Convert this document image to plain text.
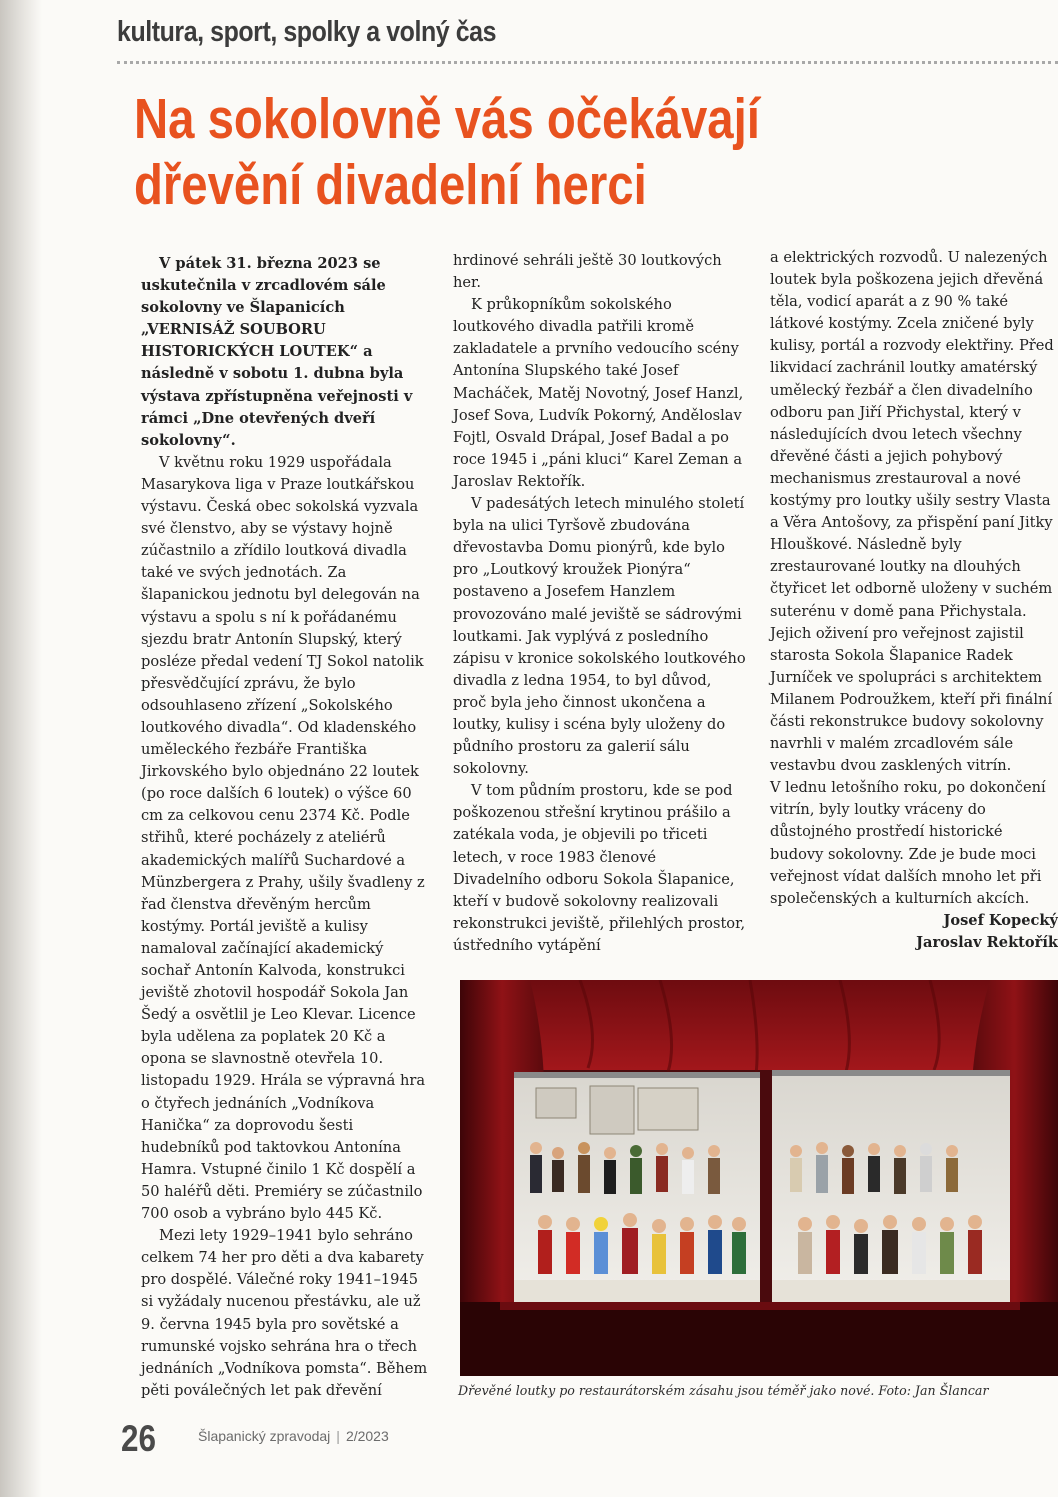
kultura, sport, spolky a volný čas
Na sokolovně vás očekávají
dřevění divadelní herci

V pátek 31. března 2023 se uskutečnila v zrcadlovém sále sokolovny ve Šlapanicích „VERNISÁŽ SOUBORU HISTORICKÝCH LOUTEK“ a následně v sobotu 1. dubna byla výstava zpřístupněna veřejnosti v rámci „Dne otevřených dveří sokolovny“.

V květnu roku 1929 uspořádala Masarykova liga v Praze loutkářskou výstavu. Česká obec sokolská vyzvala své členstvo, aby se výstavy hojně zúčastnilo a zřídilo loutková divadla také ve svých jednotách. Za šlapanickou jednotu byl delegován na výstavu a spolu s ní k pořádanému sjezdu bratr Antonín Slupský, který posléze předal vedení TJ Sokol natolik přesvědčující zprávu, že bylo odsouhlaseno zřízení „Sokolského loutkového divadla“. Od kladenského uměleckého řezbáře Františka Jirkovského bylo objednáno 22 loutek (po roce dalších 6 loutek) o výšce 60 cm za celkovou cenu 2374 Kč. Podle střihů, které pocházely z ateliérů akademických malířů Suchardové a Münzbergera z Prahy, ušily švadleny z řad členstva dřevěným hercům kostýmy. Portál jeviště a kulisy namaloval začínající akademický sochař Antonín Kalvoda, konstrukci jeviště zhotovil hospodář Sokola Jan Šedý a osvětlil je Leo Klevar. Licence byla udělena za poplatek 20 Kč a opona se slavnostně otevřela 10. listopadu 1929. Hrála se výpravná hra o čtyřech jednáních „Vodníkova Hanička“ za doprovodu šesti hudebníků pod taktovkou Antonína Hamra. Vstupné činilo 1 Kč dospělí a 50 haléřů děti. Premiéry se zúčastnilo 700 osob a vybráno bylo 445 Kč.

Mezi lety 1929–1941 bylo sehráno celkem 74 her pro děti a dva kabarety pro dospělé. Válečné roky 1941–1945 si vyžádaly nucenou přestávku, ale už 9. června 1945 byla pro sovětské a rumunské vojsko sehrána hra o třech jednáních „Vodníkova pomsta“. Během pěti poválečných let pak dřevění

hrdinové sehráli ještě 30 loutkových her.

K průkopníkům sokolského loutkového divadla patřili kromě zakladatele a prvního vedoucího scény Antonína Slupského také Josef Macháček, Matěj Novotný, Josef Hanzl, Josef Sova, Ludvík Pokorný, Anděloslav Fojtl, Osvald Drápal, Josef Badal a po roce 1945 i „páni kluci“ Karel Zeman a Jaroslav Rektořík.

V padesátých letech minulého století byla na ulici Tyršově zbudována dřevostavba Domu pionýrů, kde bylo pro „Loutkový kroužek Pionýra“ postaveno a Josefem Hanzlem provozováno malé jeviště se sádrovými loutkami. Jak vyplývá z posledního zápisu v kronice sokolského loutkového divadla z ledna 1954, to byl důvod, proč byla jeho činnost ukončena a loutky, kulisy i scéna byly uloženy do půdního prostoru za galerií sálu sokolovny.

V tom půdním prostoru, kde se pod poškozenou střešní krytinou prášilo a zatékala voda, je objevili po třiceti letech, v roce 1983 členové Divadelního odboru Sokola Šlapanice, kteří v budově sokolovny realizovali rekonstrukci jeviště, přilehlých prostor, ústředního vytápění

a elektrických rozvodů. U nalezených loutek byla poškozena jejich dřevěná těla, vodicí aparát a z 90 % také látkové kostýmy. Zcela zničené byly kulisy, portál a rozvody elektřiny. Před likvidací zachránil loutky amatérský umělecký řezbář a člen divadelního odboru pan Jiří Přichystal, který v následujících dvou letech všechny dřevěné části a jejich pohybový mechanismus zrestauroval a nové kostýmy pro loutky ušily sestry Vlasta a Věra Antošovy, za přispění paní Jitky Hlouškové. Následně byly zrestaurované loutky na dlouhých čtyřicet let odborně uloženy v suchém suterénu v domě pana Přichystala. Jejich oživení pro veřejnost zajistil starosta Sokola Šlapanice Radek Jurníček ve spolupráci s architektem Milanem Podroužkem, kteří při finální části rekonstrukce budovy sokolovny navrhli v malém zrcadlovém sále vestavbu dvou zasklených vitrín.

V lednu letošního roku, po dokončení vitrín, byly loutky vráceny do důstojného prostředí historické budovy sokolovny. Zde je bude moci veřejnost vídat dalších mnoho let při společenských a kulturních akcích.

Josef Kopecký
Jaroslav Rektořík
Dřevěné loutky po restaurátorském zásahu jsou téměř jako nové. Foto: Jan Šlancar
26	Šlapanický zpravodaj | 2/2023
